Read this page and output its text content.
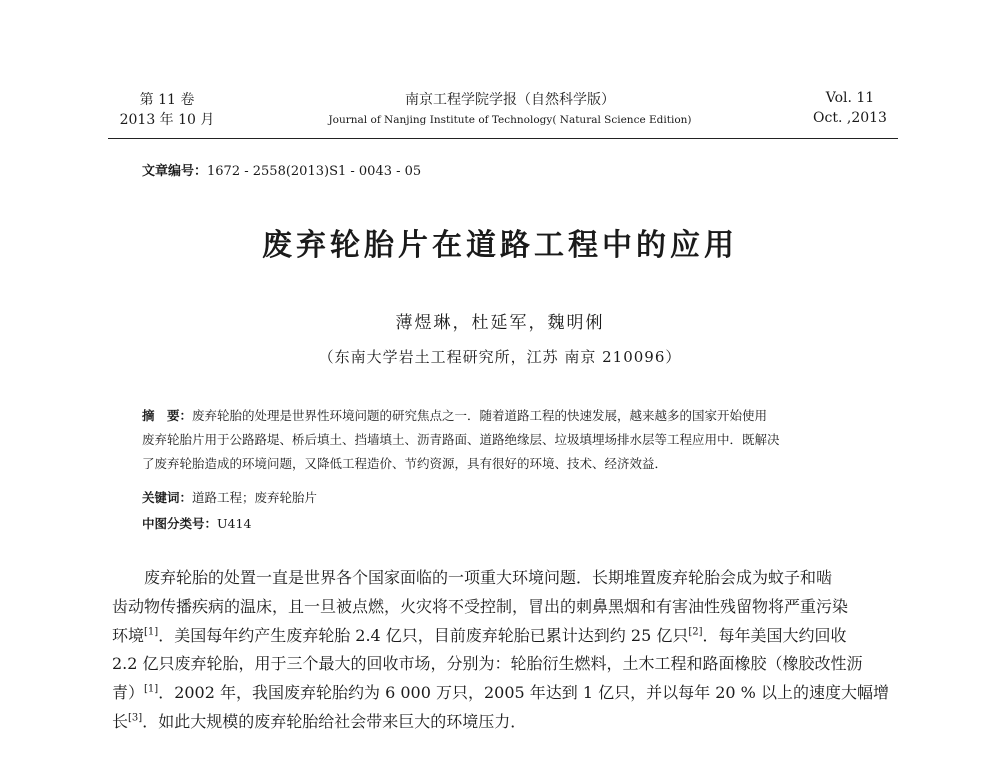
第 11 卷
2013 年 10 月
南京工程学院学报（自然科学版）
Journal of Nanjing Institute of Technology( Natural Science Edition)
Vol. 11
Oct. ,2013
文章编号：1672 - 2558(2013)S1 - 0043 - 05
废弃轮胎片在道路工程中的应用
薄煜琳，杜延军，魏明俐
（东南大学岩土工程研究所，江苏 南京 210096）

摘　要：废弃轮胎的处理是世界性环境问题的研究焦点之一．随着道路工程的快速发展，越来越多的国家开始使用

废弃轮胎片用于公路路堤、桥后填土、挡墙填土、沥青路面、道路绝缘层、垃圾填埋场排水层等工程应用中．既解决

了废弃轮胎造成的环境问题，又降低工程造价、节约资源，具有很好的环境、技术、经济效益．

关键词：道路工程；废弃轮胎片
中图分类号：U414

废弃轮胎的处置一直是世界各个国家面临的一项重大环境问题．长期堆置废弃轮胎会成为蚊子和啮

齿动物传播疾病的温床，且一旦被点燃，火灾将不受控制，冒出的刺鼻黑烟和有害油性残留物将严重污染

环境[1]．美国每年约产生废弃轮胎 2.4 亿只，目前废弃轮胎已累计达到约 25 亿只[2]．每年美国大约回收

2.2 亿只废弃轮胎，用于三个最大的回收市场，分别为：轮胎衍生燃料，土木工程和路面橡胶（橡胶改性沥

青）[1]．2002 年，我国废弃轮胎约为 6 000 万只，2005 年达到 1 亿只，并以每年 20 % 以上的速度大幅增

长[3]．如此大规模的废弃轮胎给社会带来巨大的环境压力．
